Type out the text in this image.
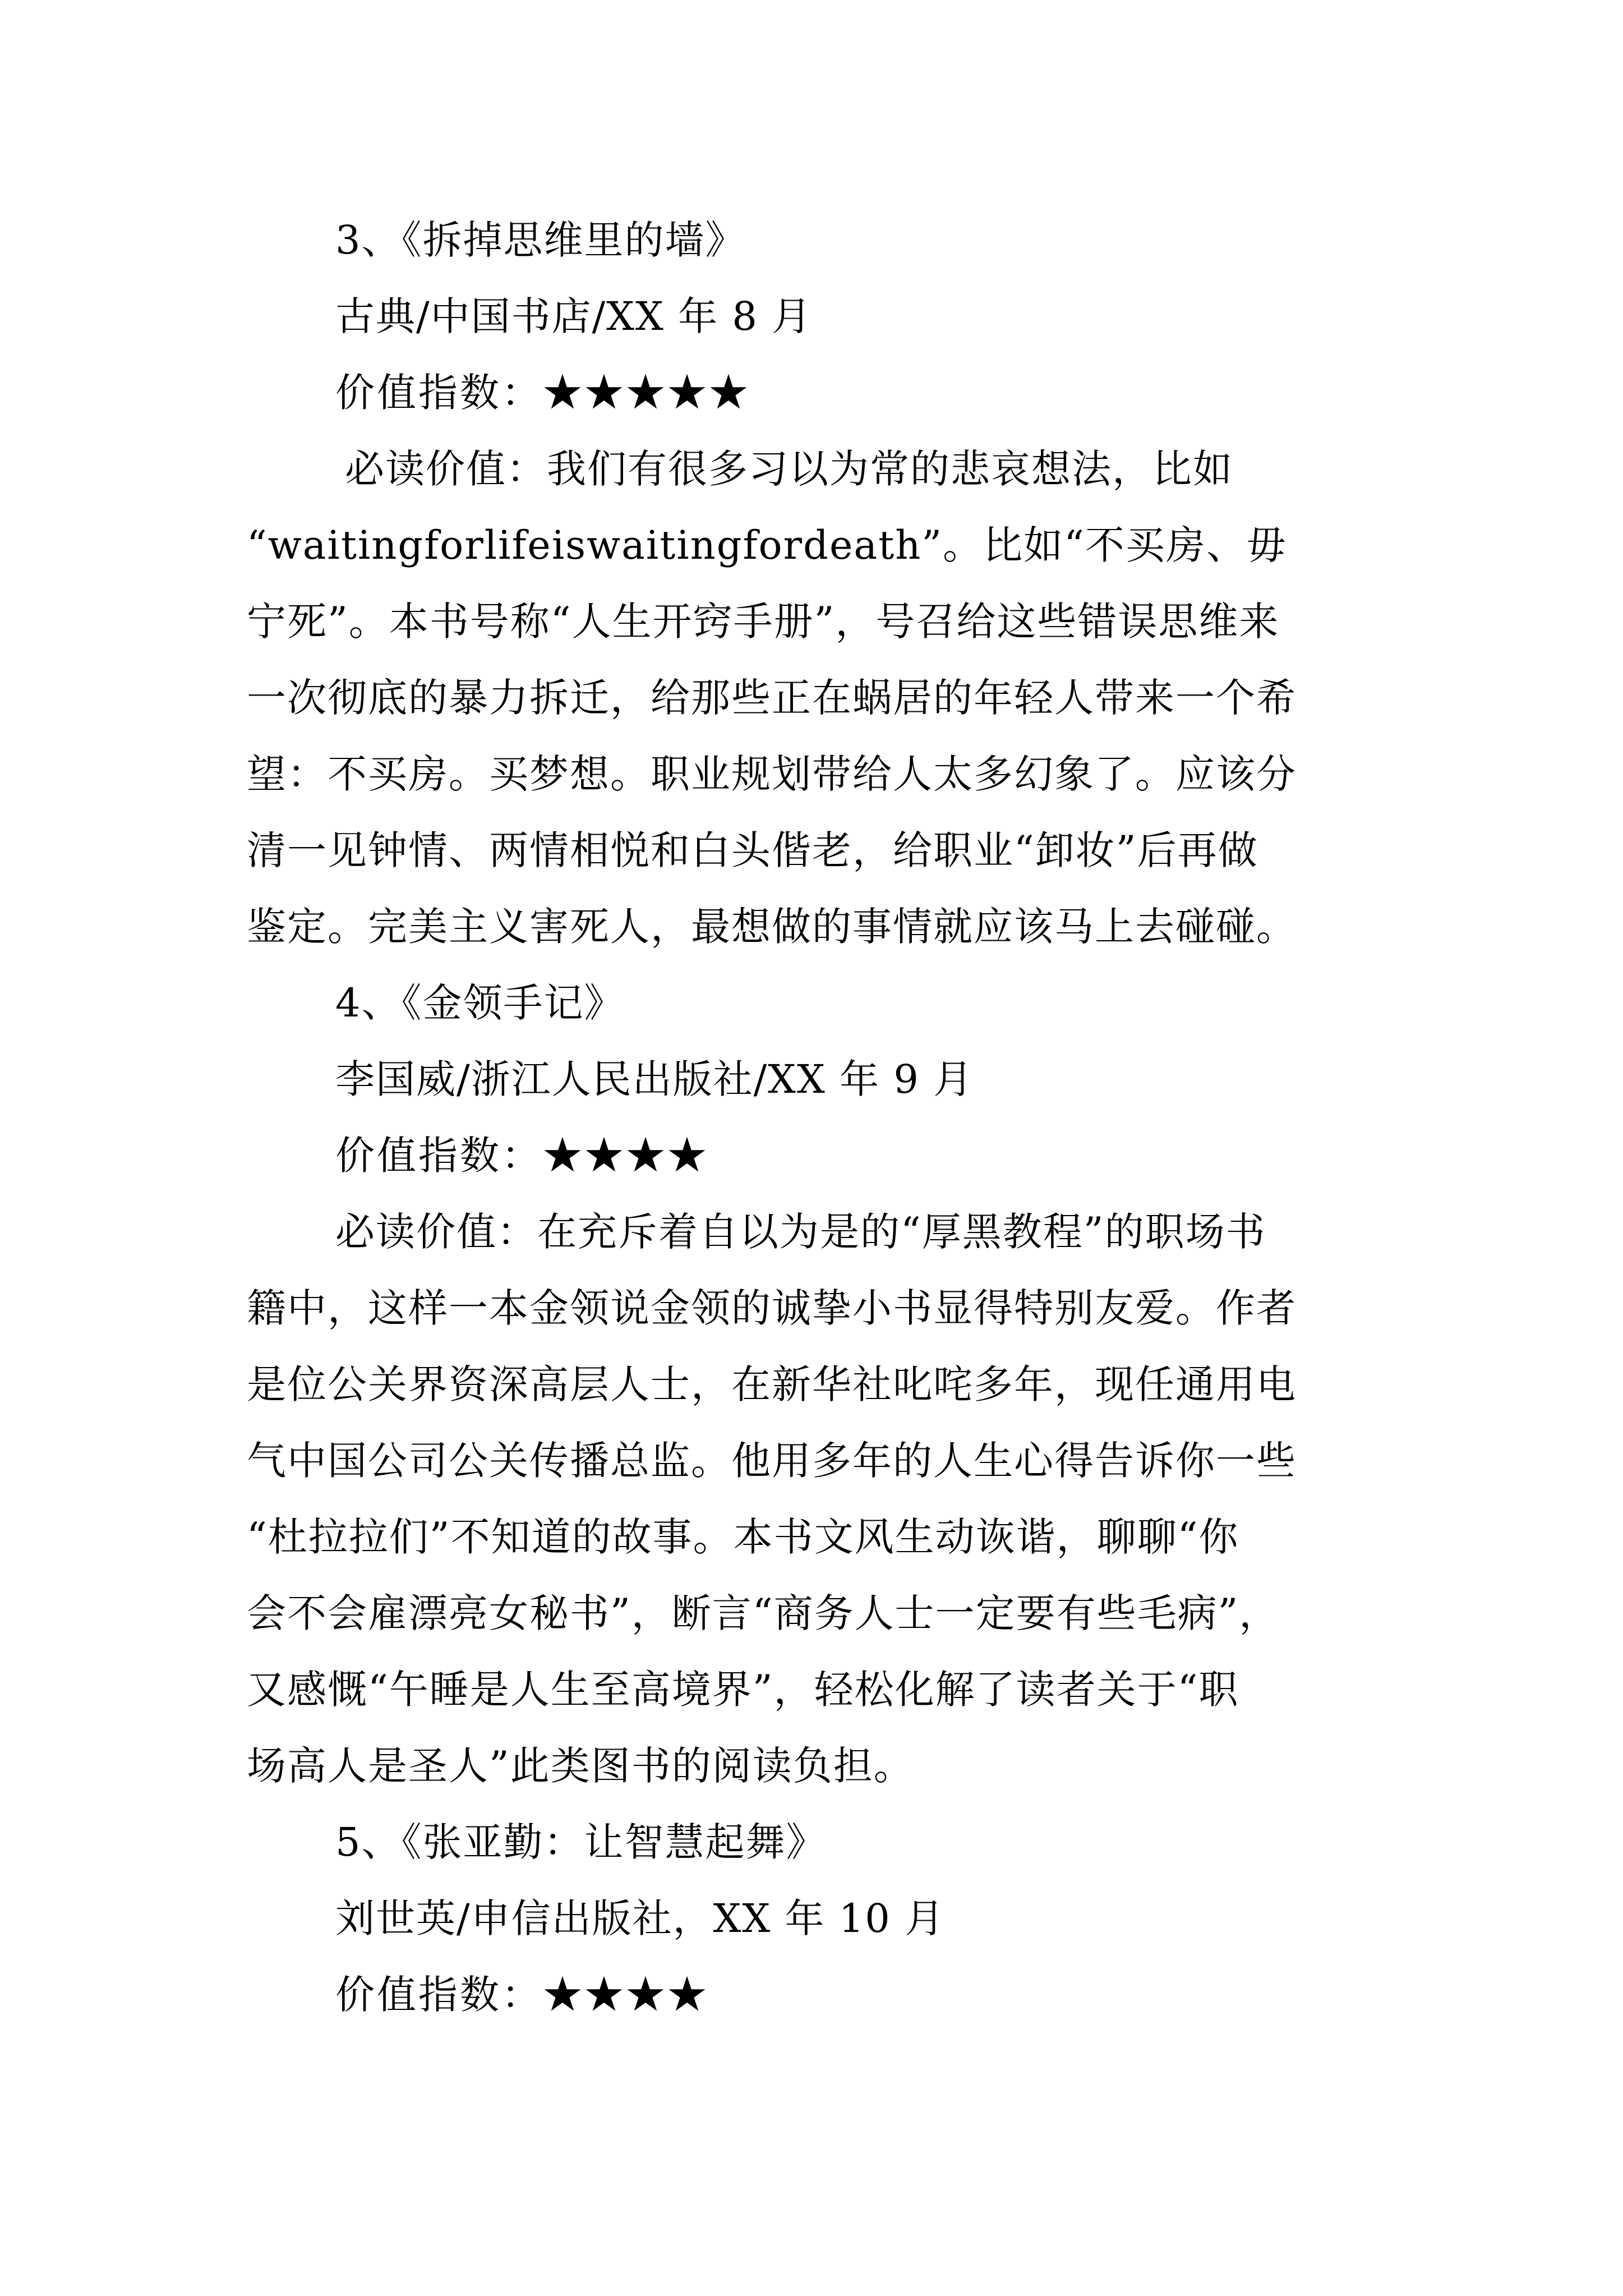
3、《拆掉思维里的墙》
古典/中国书店/XX 年 8 月
价值指数：★★★★★
必读价值：我们有很多习以为常的悲哀想法，比如
“waitingforlifeiswaitingfordeath”。比如“不买房、毋
宁死”。本书号称“人生开窍手册”，号召给这些错误思维来
一次彻底的暴力拆迁，给那些正在蜗居的年轻人带来一个希
望：不买房。买梦想。职业规划带给人太多幻象了。应该分
清一见钟情、两情相悦和白头偕老，给职业“卸妆”后再做
鉴定。完美主义害死人，最想做的事情就应该马上去碰碰。
4、《金领手记》
李国威/浙江人民出版社/XX 年 9 月
价值指数：★★★★
必读价值：在充斥着自以为是的“厚黑教程”的职场书
籍中，这样一本金领说金领的诚挚小书显得特别友爱。作者
是位公关界资深高层人士，在新华社叱咤多年，现任通用电
气中国公司公关传播总监。他用多年的人生心得告诉你一些
“杜拉拉们”不知道的故事。本书文风生动诙谐，聊聊“你
会不会雇漂亮女秘书”，断言“商务人士一定要有些毛病”，
又感慨“午睡是人生至高境界”，轻松化解了读者关于“职
场高人是圣人”此类图书的阅读负担。
5、《张亚勤：让智慧起舞》
刘世英/申信出版社，XX 年 10 月
价值指数：★★★★
